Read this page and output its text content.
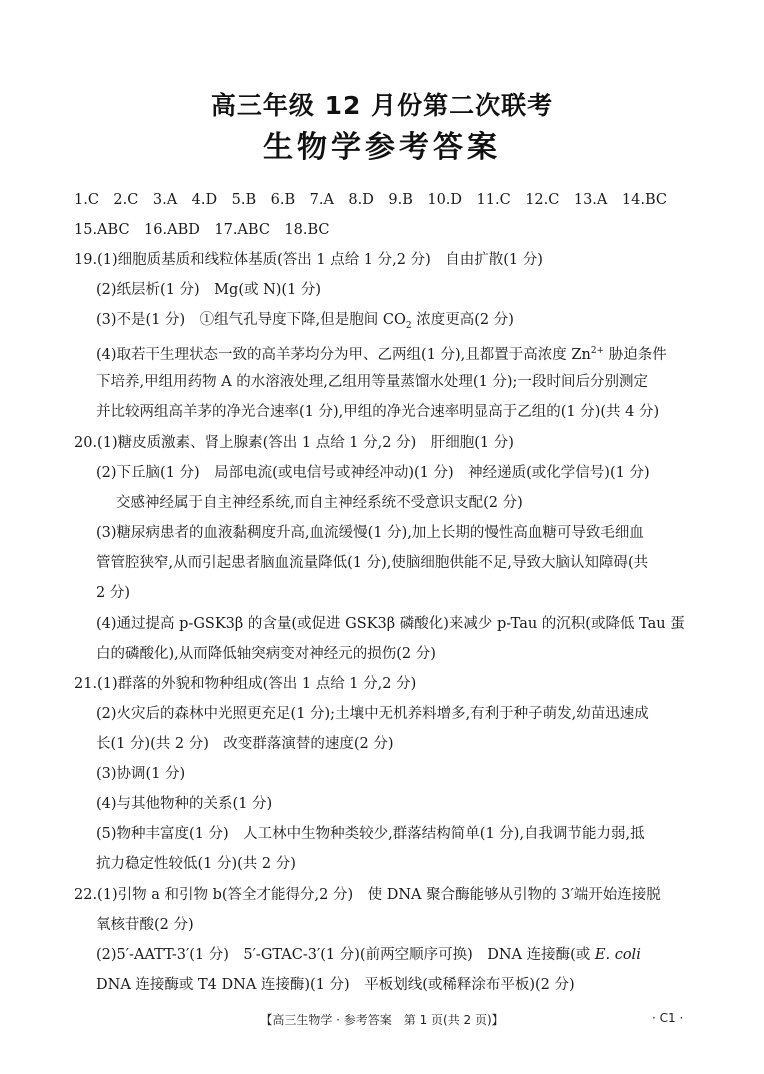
高三年级 12 月份第二次联考
生物学参考答案
1.C　2.C　3.A　4.D　5.B　6.B　7.A　8.D　9.B　10.D　11.C　12.C　13.A　14.BC
15.ABC　16.ABD　17.ABC　18.BC
19.(1)细胞质基质和线粒体基质(答出 1 点给 1 分,2 分)　自由扩散(1 分)
(2)纸层析(1 分)　Mg(或 N)(1 分)
(3)不是(1 分)　①组气孔导度下降,但是胞间 $CO_2$ 浓度更高(2 分)
(4)取若干生理状态一致的高羊茅均分为甲、乙两组(1 分),且都置于高浓度 $Zn^{2+}$ 胁迫条件
下培养,甲组用药物 A 的水溶液处理,乙组用等量蒸馏水处理(1 分);一段时间后分别测定
并比较两组高羊茅的净光合速率(1 分),甲组的净光合速率明显高于乙组的(1 分)(共 4 分)
20.(1)糖皮质激素、肾上腺素(答出 1 点给 1 分,2 分)　肝细胞(1 分)
(2)下丘脑(1 分)　局部电流(或电信号或神经冲动)(1 分)　神经递质(或化学信号)(1 分)
交感神经属于自主神经系统,而自主神经系统不受意识支配(2 分)
(3)糖尿病患者的血液黏稠度升高,血流缓慢(1 分),加上长期的慢性高血糖可导致毛细血
管管腔狭窄,从而引起患者脑血流量降低(1 分),使脑细胞供能不足,导致大脑认知障碍(共
2 分)
(4)通过提高 p-GSK3β 的含量(或促进 GSK3β 磷酸化)来减少 p-Tau 的沉积(或降低 Tau 蛋
白的磷酸化),从而降低轴突病变对神经元的损伤(2 分)
21.(1)群落的外貌和物种组成(答出 1 点给 1 分,2 分)
(2)火灾后的森林中光照更充足(1 分);土壤中无机养料增多,有利于种子萌发,幼苗迅速成
长(1 分)(共 2 分)　改变群落演替的速度(2 分)
(3)协调(1 分)
(4)与其他物种的关系(1 分)
(5)物种丰富度(1 分)　人工林中生物种类较少,群落结构简单(1 分),自我调节能力弱,抵
抗力稳定性较低(1 分)(共 2 分)
22.(1)引物 a 和引物 b(答全才能得分,2 分)　使 DNA 聚合酶能够从引物的 3′端开始连接脱
氧核苷酸(2 分)
(2)5′-AATT-3′(1 分)　5′-GTAC-3′(1 分)(前两空顺序可换)　DNA 连接酶(或 E. coli
DNA 连接酶或 T4 DNA 连接酶)(1 分)　平板划线(或稀释涂布平板)(2 分)
【高三生物学 · 参考答案　第 1 页(共 2 页)】	· C1 ·
